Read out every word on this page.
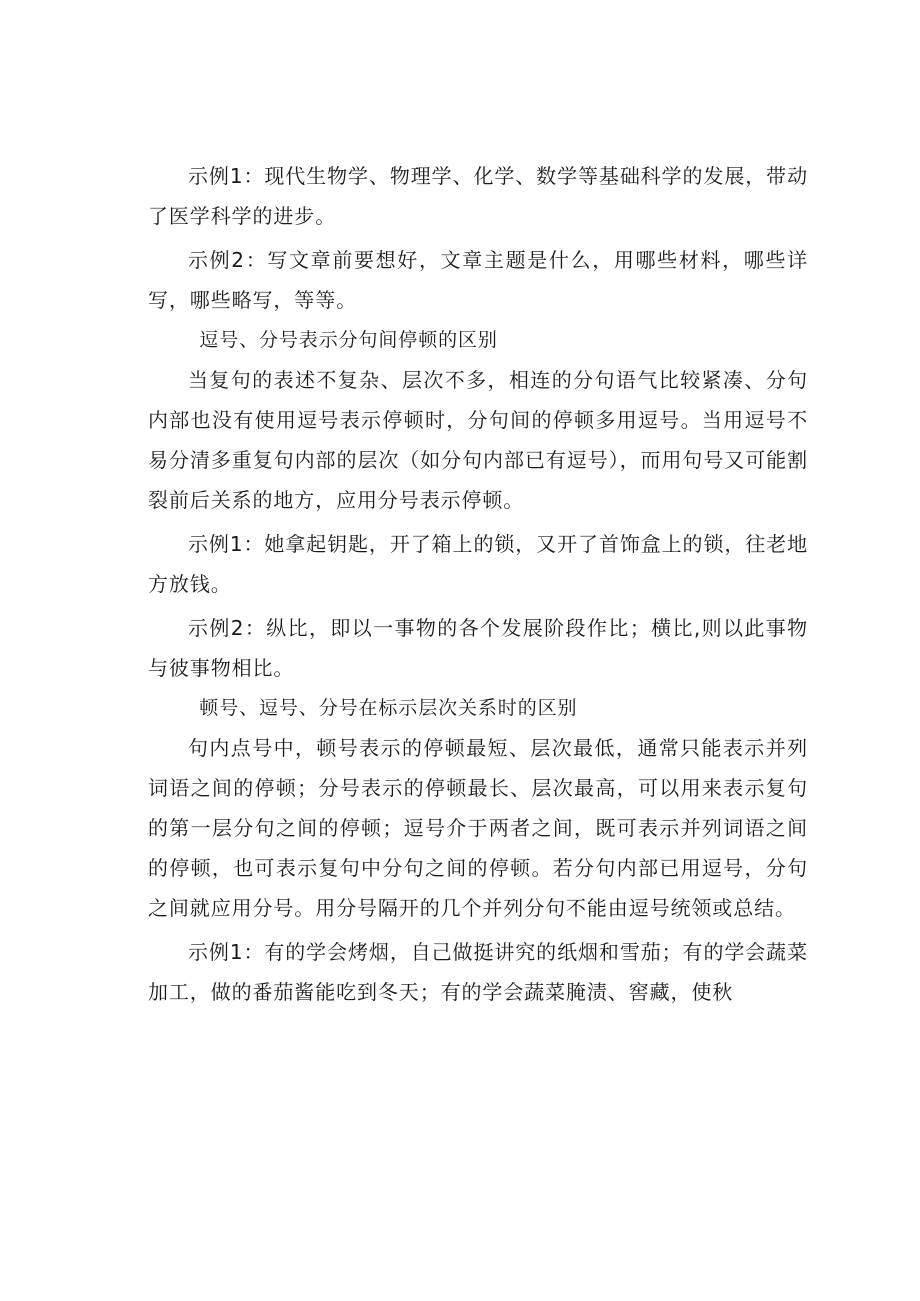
示例1：现代生物学、物理学、化学、数学等基础科学的发展，带动了医学科学的进步。

示例2：写文章前要想好，文章主题是什么，用哪些材料，哪些详写，哪些略写，等等。

逗号、分号表示分句间停顿的区别

当复句的表述不复杂、层次不多，相连的分句语气比较紧凑、分句内部也没有使用逗号表示停顿时，分句间的停顿多用逗号。当用逗号不易分清多重复句内部的层次（如分句内部已有逗号），而用句号又可能割裂前后关系的地方，应用分号表示停顿。

示例1：她拿起钥匙，开了箱上的锁，又开了首饰盒上的锁，往老地方放钱。

示例2：纵比，即以一事物的各个发展阶段作比；横比,则以此事物与彼事物相比。

顿号、逗号、分号在标示层次关系时的区别

句内点号中，顿号表示的停顿最短、层次最低，通常只能表示并列词语之间的停顿；分号表示的停顿最长、层次最高，可以用来表示复句的第一层分句之间的停顿；逗号介于两者之间，既可表示并列词语之间的停顿，也可表示复句中分句之间的停顿。若分句内部已用逗号，分句之间就应用分号。用分号隔开的几个并列分句不能由逗号统领或总结。

示例1：有的学会烤烟，自己做挺讲究的纸烟和雪茄；有的学会蔬菜加工，做的番茄酱能吃到冬天；有的学会蔬菜腌渍、窖藏，使秋
